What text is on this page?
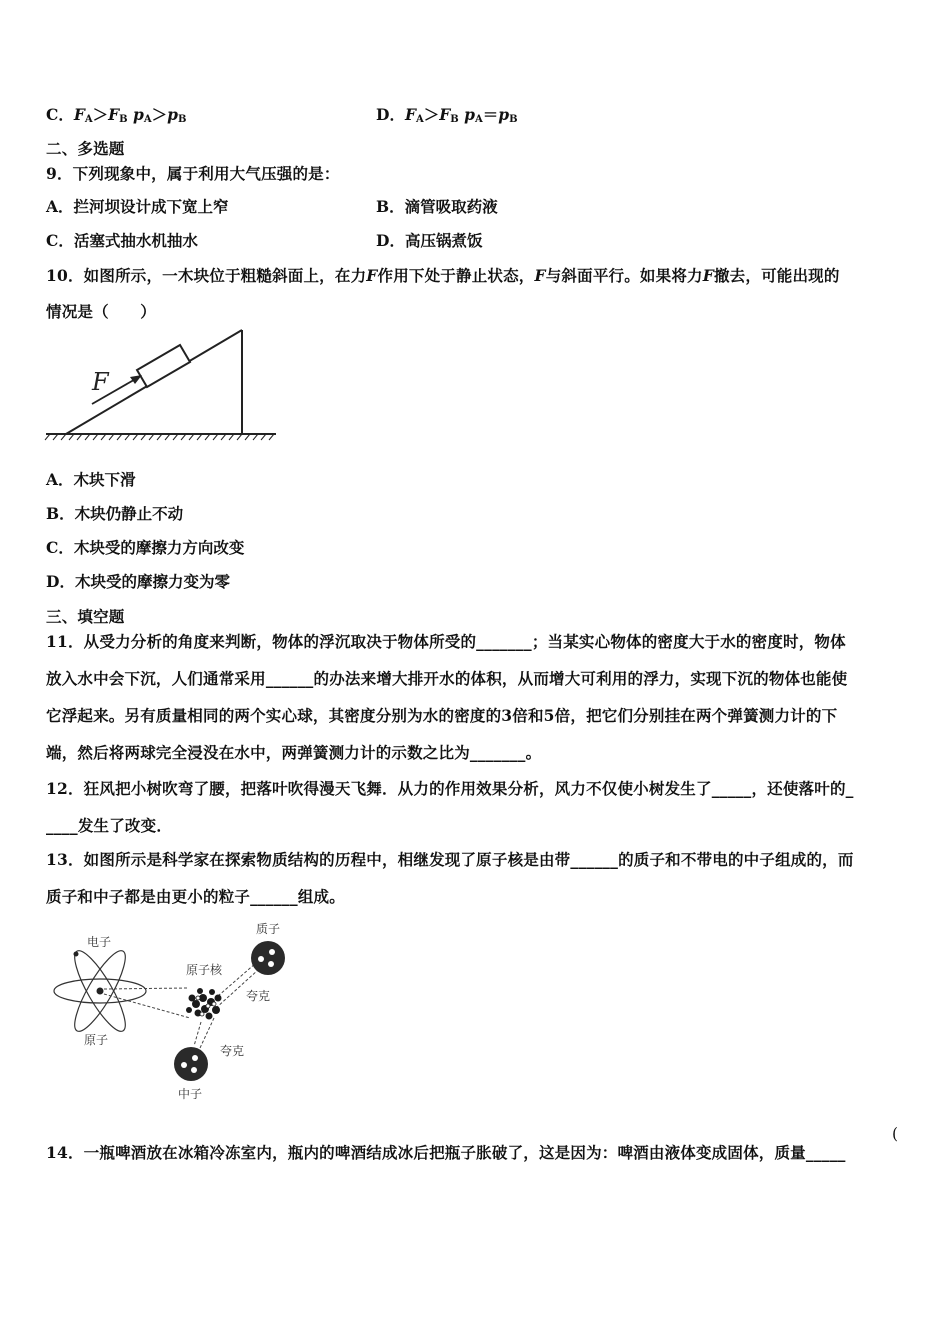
C．$F_A>F_B$ $p_A>p_B$	D．$F_A>F_B$ $p_A=p_B$
二、多选题
9．下列现象中，属于利用大气压强的是：
A．拦河坝设计成下宽上窄	B．滴管吸取药液
C．活塞式抽水机抽水	D．高压锅煮饭
10．如图所示，一木块位于粗糙斜面上，在力F作用下处于静止状态，F与斜面平行。如果将力F撤去，可能出现的
情况是（　　）
F
A．木块下滑
B．木块仍静止不动
C．木块受的摩擦力方向改变
D．木块受的摩擦力变为零
三、填空题
11．从受力分析的角度来判断，物体的浮沉取决于物体所受的_______；当某实心物体的密度大于水的密度时，物体
放入水中会下沉，人们通常采用______的办法来增大排开水的体积，从而增大可利用的浮力，实现下沉的物体也能使
它浮起来。另有质量相同的两个实心球，其密度分别为水的密度的3倍和5倍，把它们分别挂在两个弹簧测力计的下
端，然后将两球完全浸没在水中，两弹簧测力计的示数之比为_______。
12．狂风把小树吹弯了腰，把落叶吹得漫天飞舞．从力的作用效果分析，风力不仅使小树发生了_____，还使落叶的_
____发生了改变．
13．如图所示是科学家在探索物质结构的历程中，相继发现了原子核是由带______的质子和不带电的中子组成的，而
质子和中子都是由更小的粒子______组成。
电子
原子核
质子
夸克
原子
夸克
中子
14．一瓶啤酒放在冰箱冷冻室内，瓶内的啤酒结成冰后把瓶子胀破了，这是因为：啤酒由液体变成固体，质量_____
(
